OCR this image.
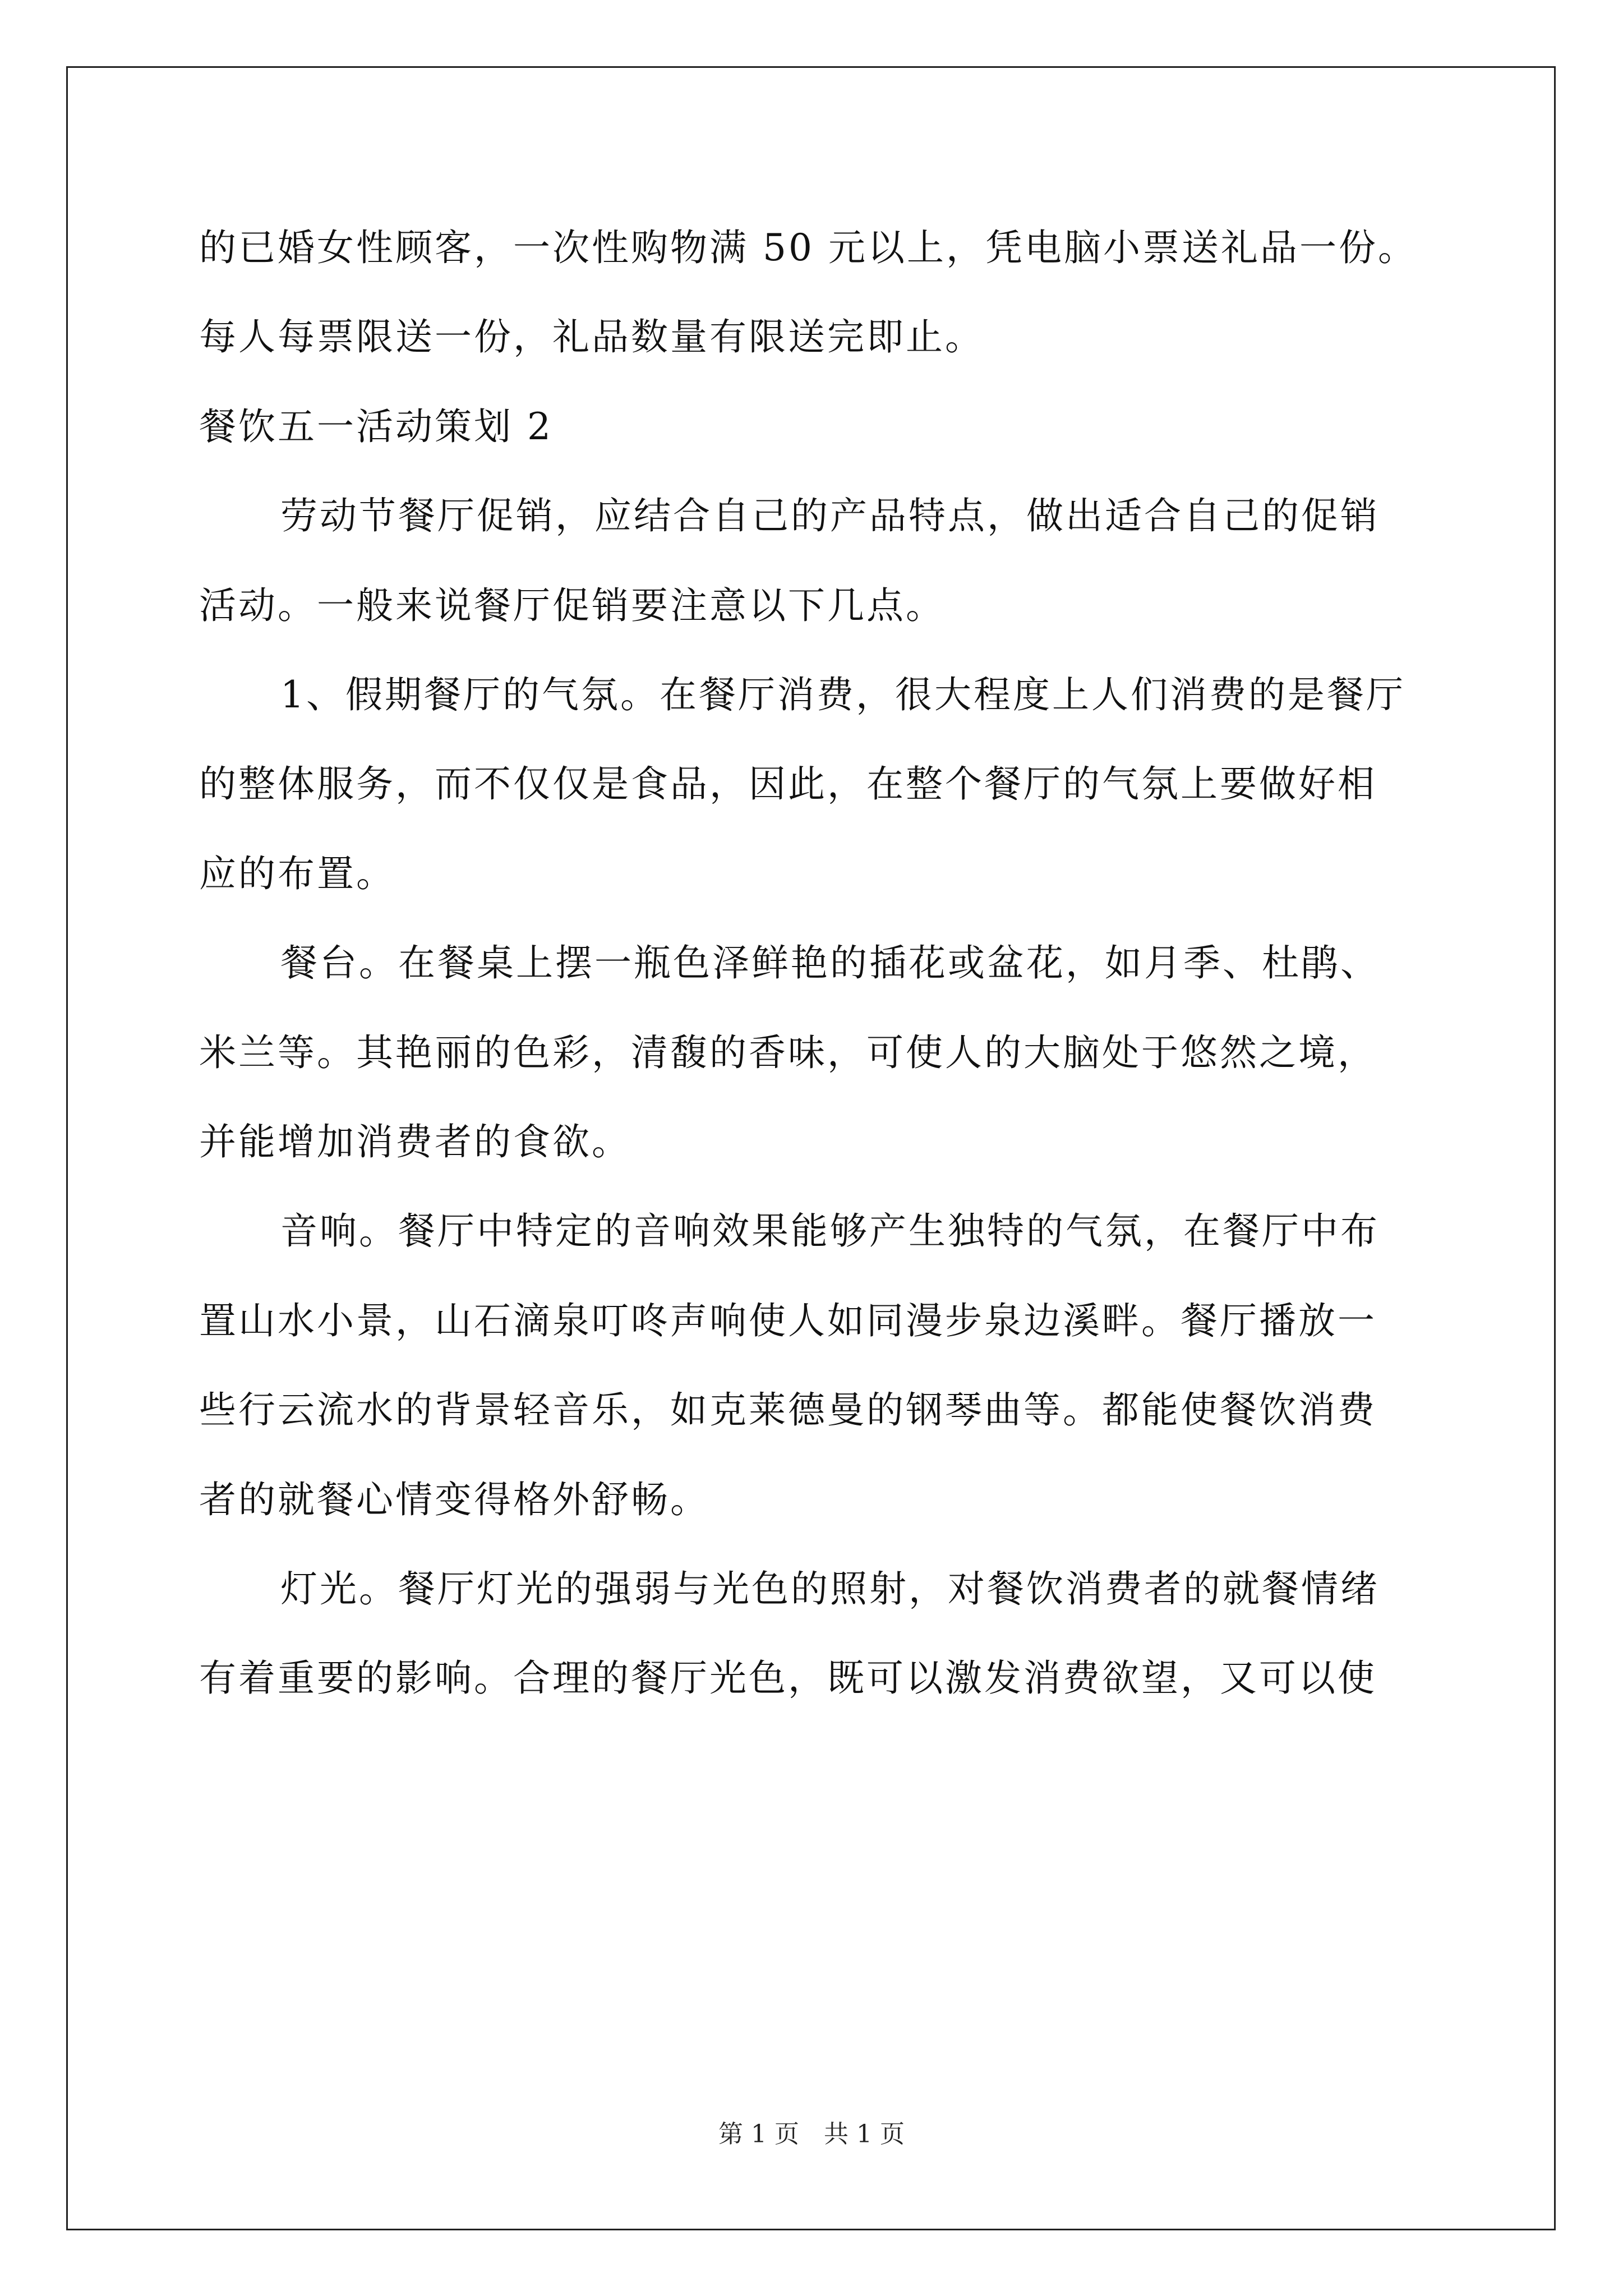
的已婚女性顾客，一次性购物满 50 元以上，凭电脑小票送礼品一份。
每人每票限送一份，礼品数量有限送完即止。
餐饮五一活动策划 2
劳动节餐厅促销，应结合自己的产品特点，做出适合自己的促销
活动。一般来说餐厅促销要注意以下几点。
1、假期餐厅的气氛。在餐厅消费，很大程度上人们消费的是餐厅
的整体服务，而不仅仅是食品，因此，在整个餐厅的气氛上要做好相
应的布置。
餐台。在餐桌上摆一瓶色泽鲜艳的插花或盆花，如月季、杜鹃、
米兰等。其艳丽的色彩，清馥的香味，可使人的大脑处于悠然之境，
并能增加消费者的食欲。
音响。餐厅中特定的音响效果能够产生独特的气氛，在餐厅中布
置山水小景，山石滴泉叮咚声响使人如同漫步泉边溪畔。餐厅播放一
些行云流水的背景轻音乐，如克莱德曼的钢琴曲等。都能使餐饮消费
者的就餐心情变得格外舒畅。
灯光。餐厅灯光的强弱与光色的照射，对餐饮消费者的就餐情绪
有着重要的影响。合理的餐厅光色，既可以激发消费欲望，又可以使
第 1 页　共 1 页
